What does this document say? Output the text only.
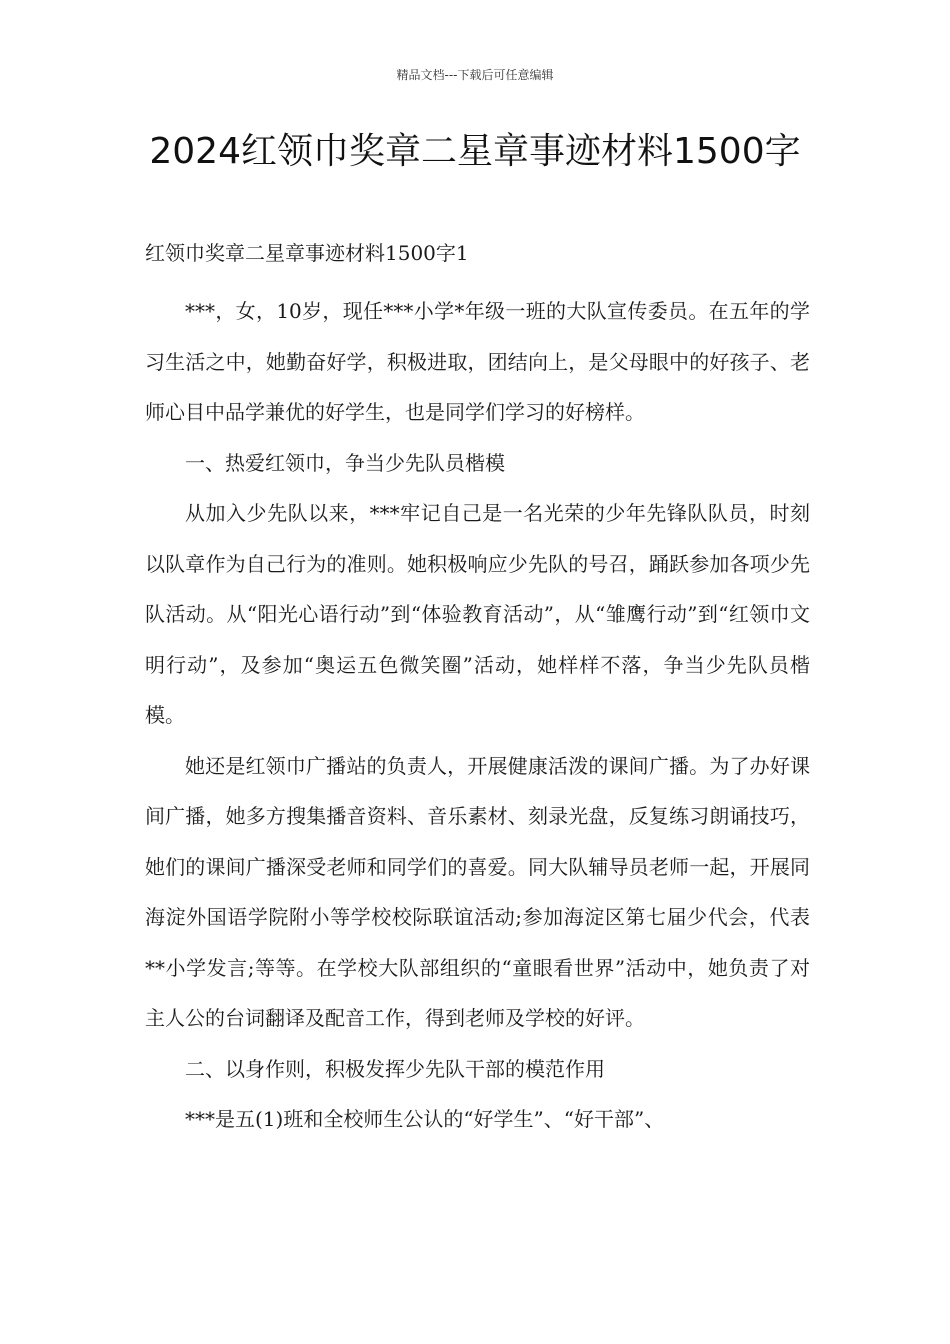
精品文档---下载后可任意编辑
2024红领巾奖章二星章事迹材料1500字

红领巾奖章二星章事迹材料1500字1

***，女，10岁，现任***小学*年级一班的大队宣传委员。在五年的学习生活之中，她勤奋好学，积极进取，团结向上，是父母眼中的好孩子、老师心目中品学兼优的好学生，也是同学们学习的好榜样。

一、热爱红领巾，争当少先队员楷模

从加入少先队以来，***牢记自己是一名光荣的少年先锋队队员，时刻以队章作为自己行为的准则。她积极响应少先队的号召，踊跃参加各项少先队活动。从“阳光心语行动”到“体验教育活动”，从“雏鹰行动”到“红领巾文明行动”，及参加“奥运五色微笑圈”活动，她样样不落，争当少先队员楷模。

她还是红领巾广播站的负责人，开展健康活泼的课间广播。为了办好课间广播，她多方搜集播音资料、音乐素材、刻录光盘，反复练习朗诵技巧，她们的课间广播深受老师和同学们的喜爱。同大队辅导员老师一起，开展同海淀外国语学院附小等学校校际联谊活动;参加海淀区第七届少代会，代表**小学发言;等等。在学校大队部组织的“童眼看世界”活动中，她负责了对主人公的台词翻译及配音工作，得到老师及学校的好评。

二、以身作则，积极发挥少先队干部的模范作用

***是五(1)班和全校师生公认的“好学生”、“好干部”、
